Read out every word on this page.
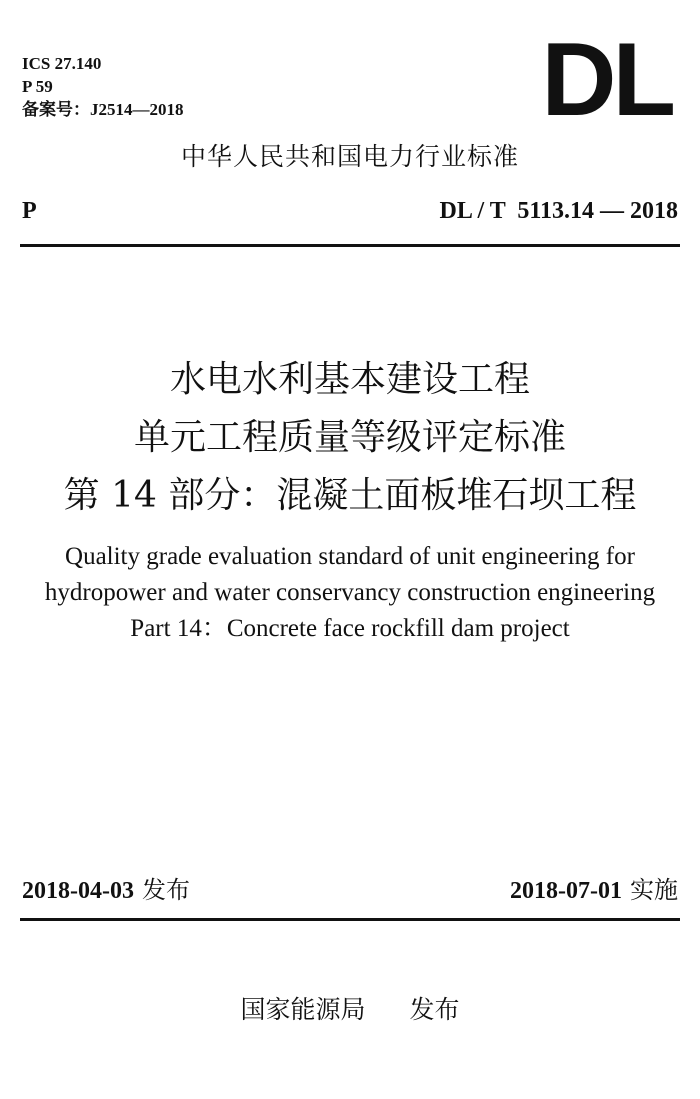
ICS 27.140
P 59
备案号：J2514—2018	DL
中华人民共和国电力行业标准
P	DL / T  5113.14 — 2018
水电水利基本建设工程
单元工程质量等级评定标准
第 14 部分：混凝土面板堆石坝工程
Quality grade evaluation standard of unit engineering for
hydropower and water conservancy construction engineering
Part 14：Concrete face rockfill dam project
2018-04-03 发布	2018-07-01 实施
国家能源局 发布
